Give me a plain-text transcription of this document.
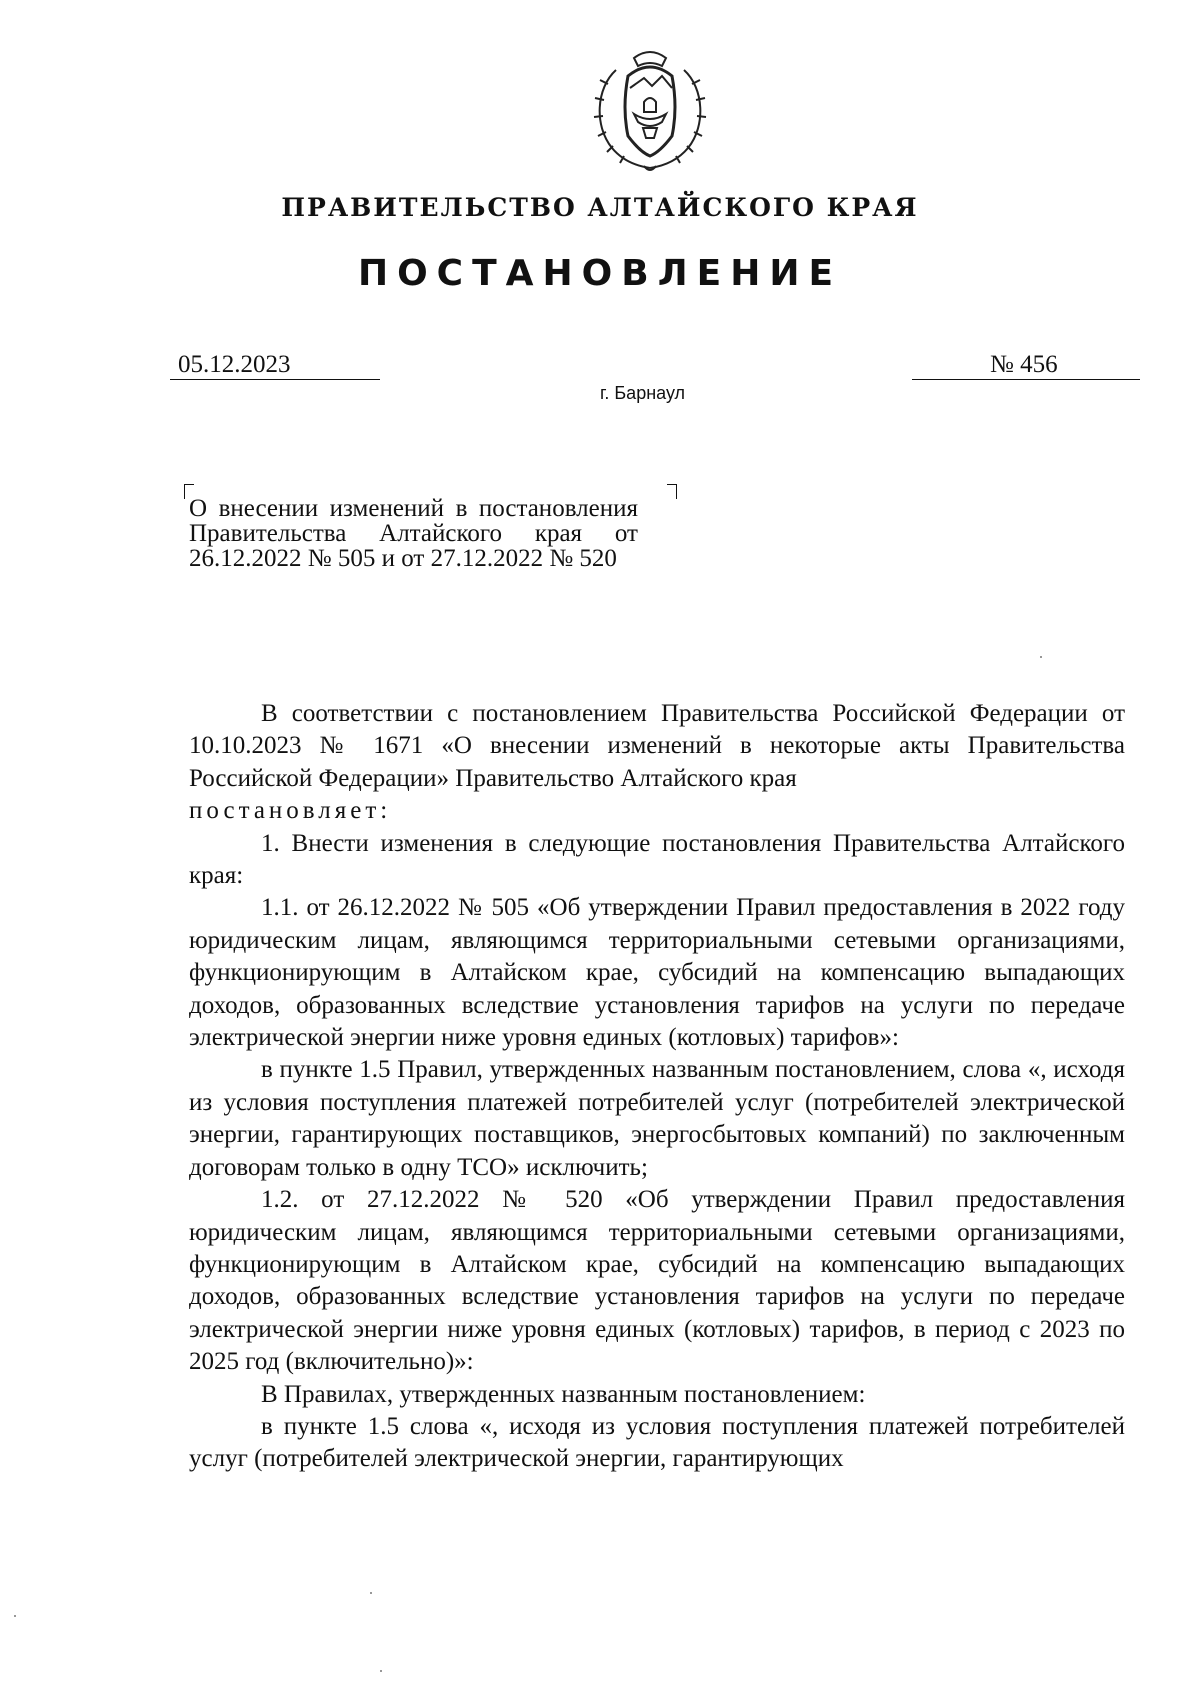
ПРАВИТЕЛЬСТВО АЛТАЙСКОГО КРАЯ
ПОСТАНОВЛЕНИЕ
05.12.2023	№ 456
г. Барнаул
О внесении изменений в постановления Правительства Алтайского края от 26.12.2022 № 505 и от 27.12.2022 № 520

В соответствии с постановлением Правительства Российской Федерации от 10.10.2023 № 1671 «О внесении изменений в некоторые акты Правительства Российской Федерации» Правительство Алтайского края

постановляет:

1. Внести изменения в следующие постановления Правительства Алтайского края:

1.1. от 26.12.2022 № 505 «Об утверждении Правил предоставления в 2022 году юридическим лицам, являющимся территориальными сетевыми организациями, функционирующим в Алтайском крае, субсидий на компенсацию выпадающих доходов, образованных вследствие установления тарифов на услуги по передаче электрической энергии ниже уровня единых (котловых) тарифов»:

в пункте 1.5 Правил, утвержденных названным постановлением, слова «, исходя из условия поступления платежей потребителей услуг (потребителей электрической энергии, гарантирующих поставщиков, энергосбытовых компаний) по заключенным договорам только в одну ТСО» исключить;

1.2. от 27.12.2022 № 520 «Об утверждении Правил предоставления юридическим лицам, являющимся территориальными сетевыми организациями, функционирующим в Алтайском крае, субсидий на компенсацию выпадающих доходов, образованных вследствие установления тарифов на услуги по передаче электрической энергии ниже уровня единых (котловых) тарифов, в период с 2023 по 2025 год (включительно)»:

В Правилах, утвержденных названным постановлением:

в пункте 1.5 слова «, исходя из условия поступления платежей потребителей услуг (потребителей электрической энергии, гарантирующих
